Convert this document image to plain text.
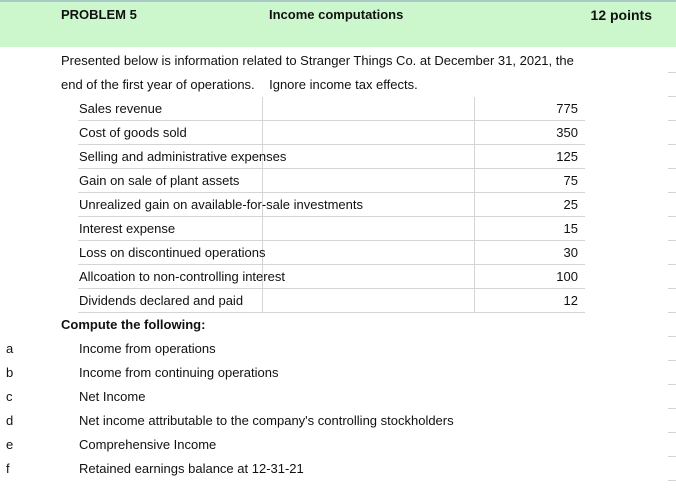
PROBLEM 5	Income computations	12 points
Presented below is information related to Stranger Things Co. at December 31, 2021, the
end of the first year of operations.    Ignore income tax effects.
Sales revenue	775
Cost of goods sold	350
Selling and administrative expenses	125
Gain on sale of plant assets	75
Unrealized gain on available-for-sale investments	25
Interest expense	15
Loss on discontinued operations	30
Allcoation to non-controlling interest	100
Dividends declared and paid	12
Compute the following:
a	Income from operations
b	Income from continuing operations
c	Net Income
d	Net income attributable to the company's controlling stockholders
e	Comprehensive Income
f	Retained earnings balance at 12-31-21
